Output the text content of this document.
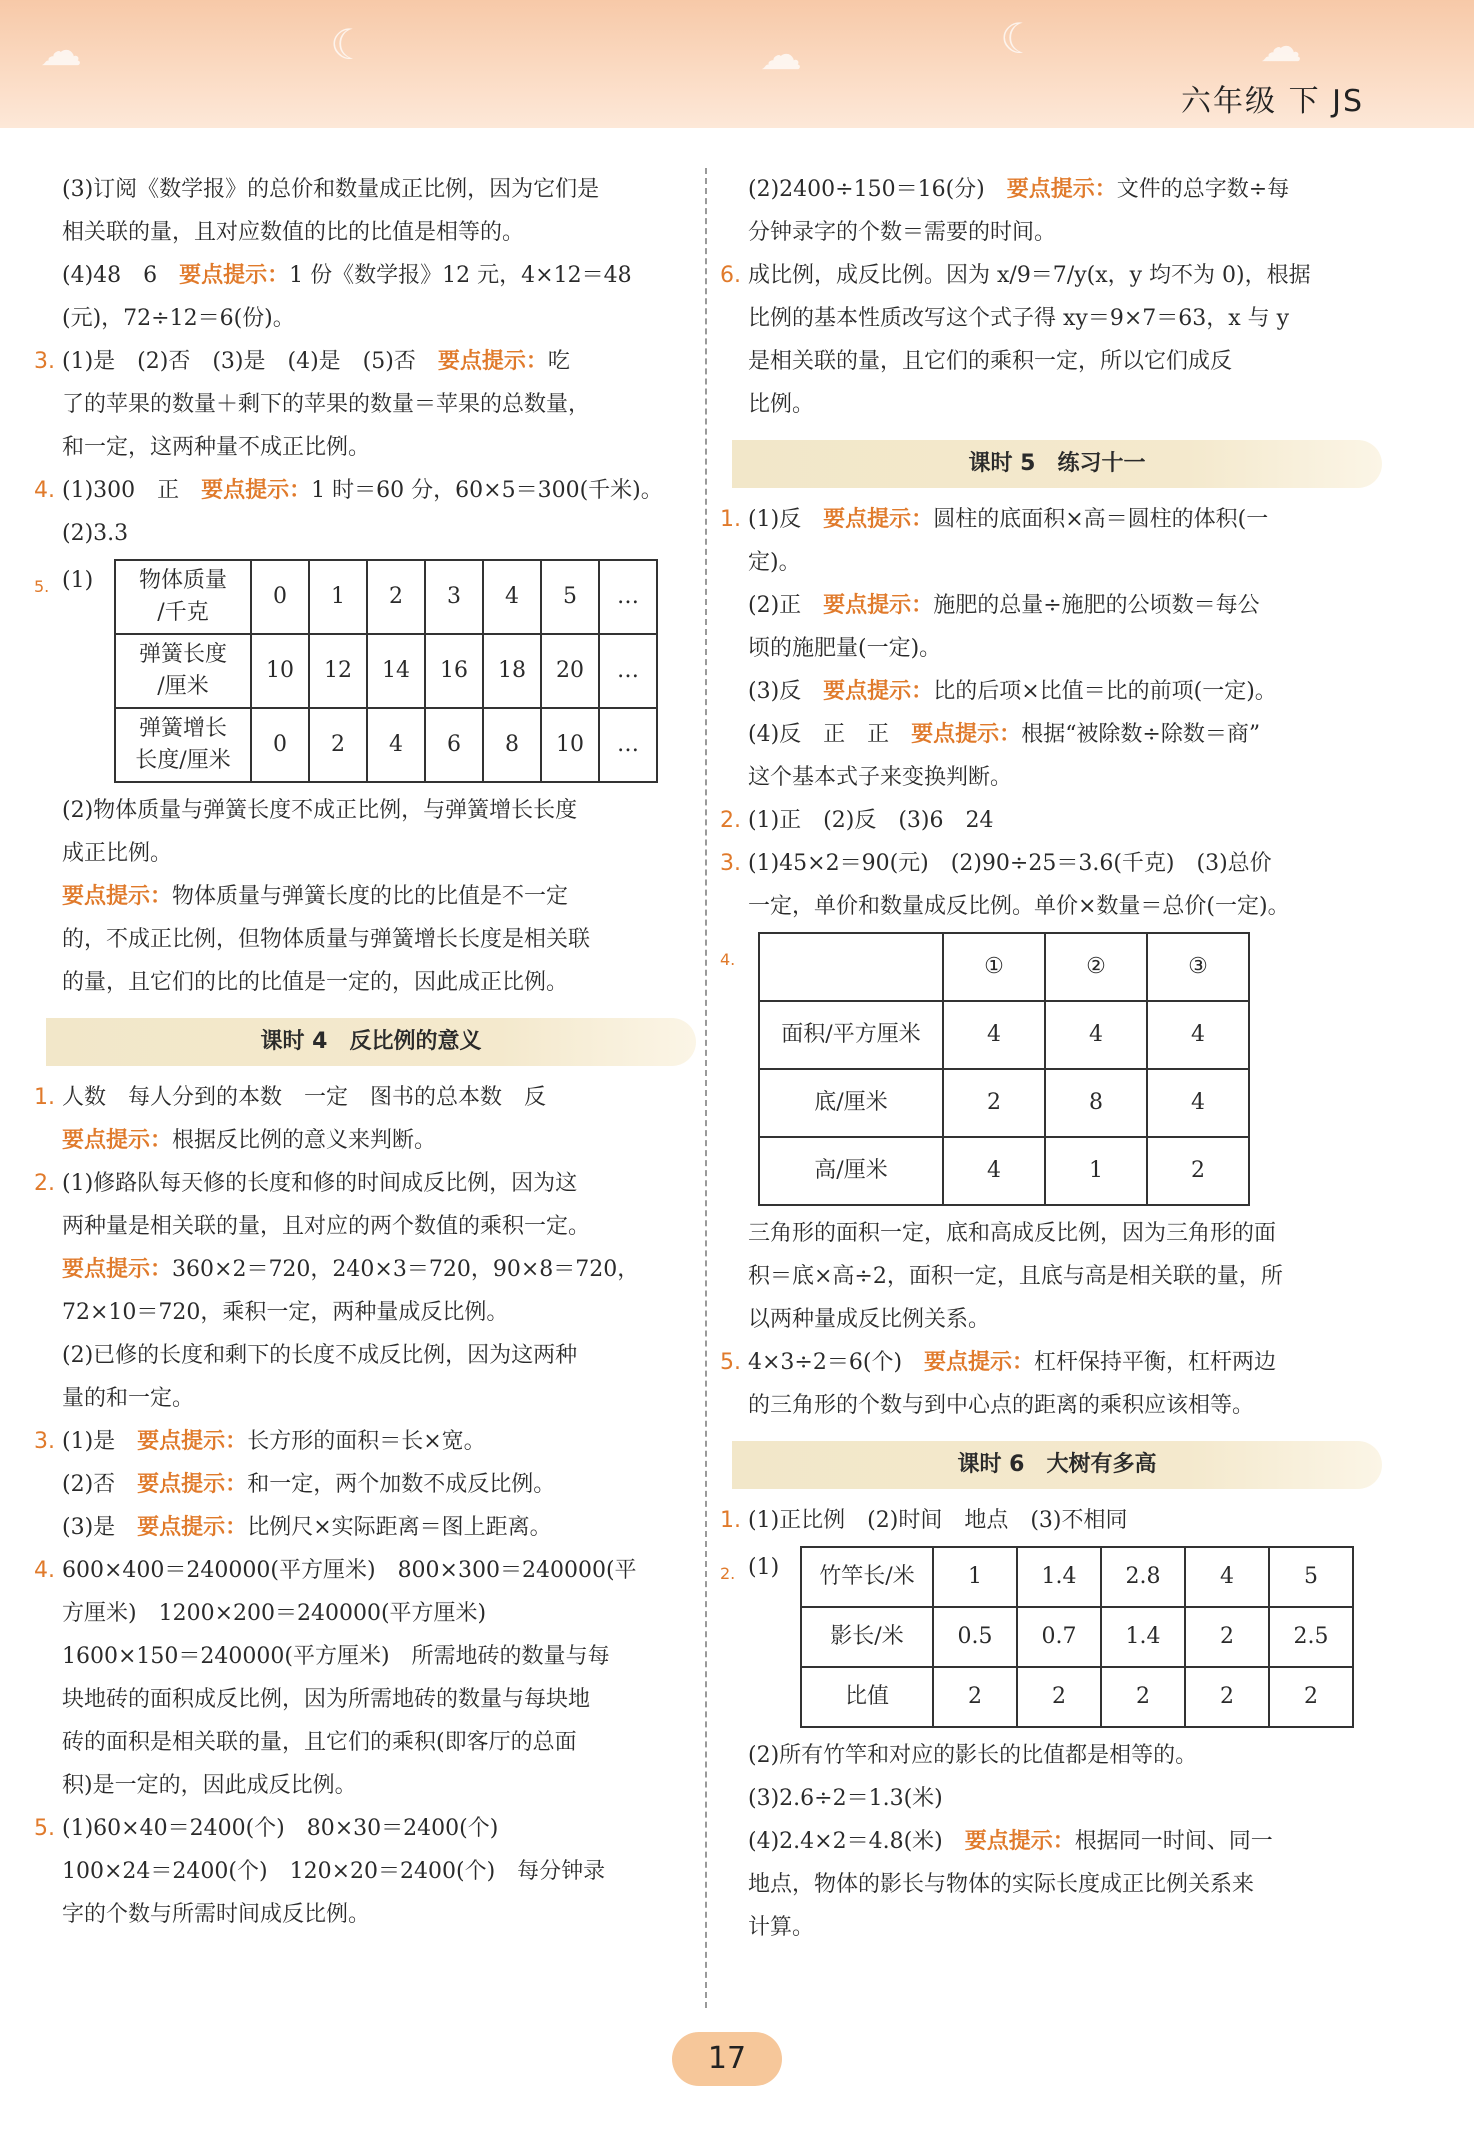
☁	☾	☁	☾	☁
六年级 下 JS
(3)订阅《数学报》的总价和数量成正比例，因为它们是
相关联的量，且对应数值的比的比值是相等的。
(4)48　6　要点提示：1 份《数学报》12 元，4×12＝48
(元)，72÷12＝6(份)。
3. (1)是　(2)否　(3)是　(4)是　(5)否　要点提示：吃
了的苹果的数量＋剩下的苹果的数量＝苹果的总数量，
和一定，这两种量不成正比例。
4. (1)300　正　要点提示：1 时＝60 分，60×5＝300(千米)。
(2)3.3
5. (1)	物体质量
/千克	0	1	2	3	4	5	…
弹簧长度
/厘米	10	12	14	16	18	20	…
弹簧增长
长度/厘米	0	2	4	6	8	10	…
(2)物体质量与弹簧长度不成正比例，与弹簧增长长度
成正比例。
要点提示：物体质量与弹簧长度的比的比值是不一定
的，不成正比例，但物体质量与弹簧增长长度是相关联
的量，且它们的比的比值是一定的，因此成正比例。
课时 4　反比例的意义
1. 人数　每人分到的本数　一定　图书的总本数　反
要点提示：根据反比例的意义来判断。
2. (1)修路队每天修的长度和修的时间成反比例，因为这
两种量是相关联的量，且对应的两个数值的乘积一定。
要点提示：360×2＝720，240×3＝720，90×8＝720，
72×10＝720，乘积一定，两种量成反比例。
(2)已修的长度和剩下的长度不成反比例，因为这两种
量的和一定。
3. (1)是　要点提示：长方形的面积＝长×宽。
(2)否　要点提示：和一定，两个加数不成反比例。
(3)是　要点提示：比例尺×实际距离＝图上距离。
4. 600×400＝240000(平方厘米)　800×300＝240000(平
方厘米)　1200×200＝240000(平方厘米)
1600×150＝240000(平方厘米)　所需地砖的数量与每
块地砖的面积成反比例，因为所需地砖的数量与每块地
砖的面积是相关联的量，且它们的乘积(即客厅的总面
积)是一定的，因此成反比例。
5. (1)60×40＝2400(个)　80×30＝2400(个)
100×24＝2400(个)　120×20＝2400(个)　每分钟录
字的个数与所需时间成反比例。
(2)2400÷150＝16(分)　要点提示：文件的总字数÷每
分钟录字的个数＝需要的时间。
6. 成比例，成反比例。因为 x/9＝7/y(x，y 均不为 0)，根据
比例的基本性质改写这个式子得 xy＝9×7＝63，x 与 y
是相关联的量，且它们的乘积一定，所以它们成反
比例。
课时 5　练习十一
1. (1)反　要点提示：圆柱的底面积×高＝圆柱的体积(一
定)。
(2)正　要点提示：施肥的总量÷施肥的公顷数＝每公
顷的施肥量(一定)。
(3)反　要点提示：比的后项×比值＝比的前项(一定)。
(4)反　正　正　要点提示：根据“被除数÷除数＝商”
这个基本式子来变换判断。
2. (1)正　(2)反　(3)6　24
3. (1)45×2＝90(元)　(2)90÷25＝3.6(千克)　(3)总价
一定，单价和数量成反比例。单价×数量＝总价(一定)。
4.
		①	②	③
面积/平方厘米	4	4	4
底/厘米	2	8	4
高/厘米	4	1	2
三角形的面积一定，底和高成反比例，因为三角形的面
积＝底×高÷2，面积一定，且底与高是相关联的量，所
以两种量成反比例关系。
5. 4×3÷2＝6(个)　要点提示：杠杆保持平衡，杠杆两边
的三角形的个数与到中心点的距离的乘积应该相等。
课时 6　大树有多高
1. (1)正比例　(2)时间　地点　(3)不相同
2. (1)	竹竿长/米	1	1.4	2.8	4	5
影长/米	0.5	0.7	1.4	2	2.5
比值	2	2	2	2	2
(2)所有竹竿和对应的影长的比值都是相等的。
(3)2.6÷2＝1.3(米)
(4)2.4×2＝4.8(米)　要点提示：根据同一时间、同一
地点，物体的影长与物体的实际长度成正比例关系来
计算。
17
